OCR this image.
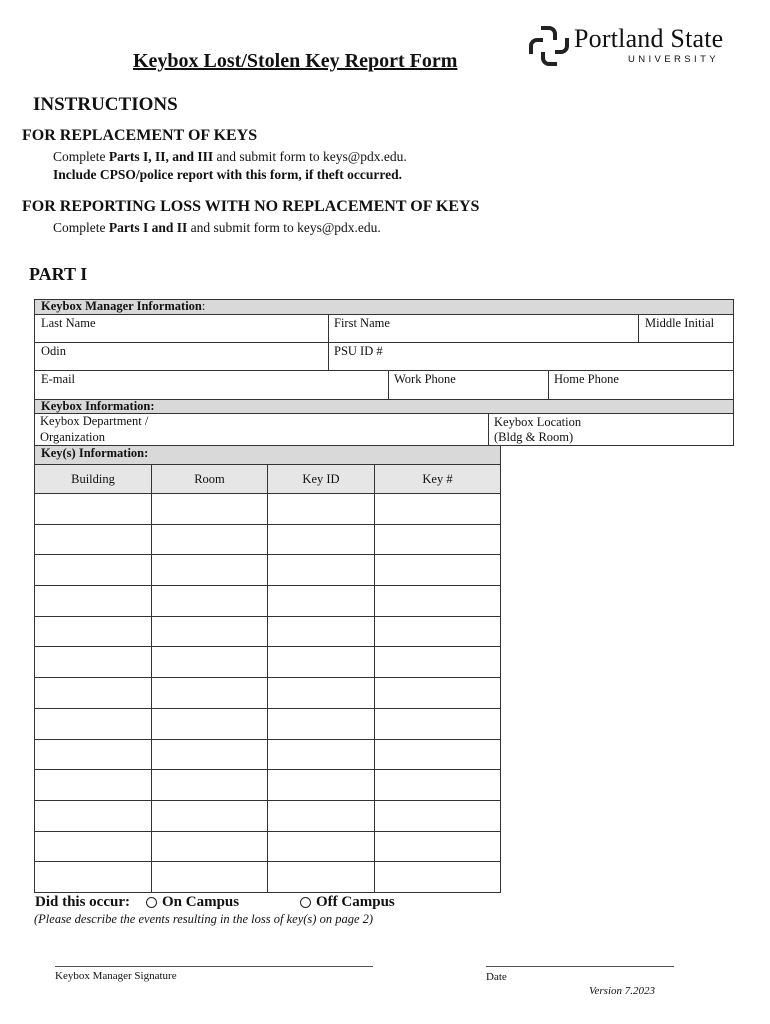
Keybox Lost/Stolen Key Report Form
Portland State
UNIVERSITY
INSTRUCTIONS
FOR REPLACEMENT OF KEYS
Complete Parts I, II, and III and submit form to keys@pdx.edu.
Include CPSO/police report with this form, if theft occurred.
FOR REPORTING LOSS WITH NO REPLACEMENT OF KEYS
Complete Parts I and II and submit form to keys@pdx.edu.
PART I
Keybox Manager Information:
Last Name	First Name	Middle Initial
Odin	PSU ID #
E-mail	Work Phone	Home Phone
Keybox Information:
Keybox Department /
Organization
Keybox Location
(Bldg & Room)
Key(s) Information:
Building	Room	Key ID	Key #

Did this occur:	On Campus	Off Campus
(Please describe the events resulting in the loss of key(s) on page 2)
Keybox Manager Signature	Date
Version 7.2023
